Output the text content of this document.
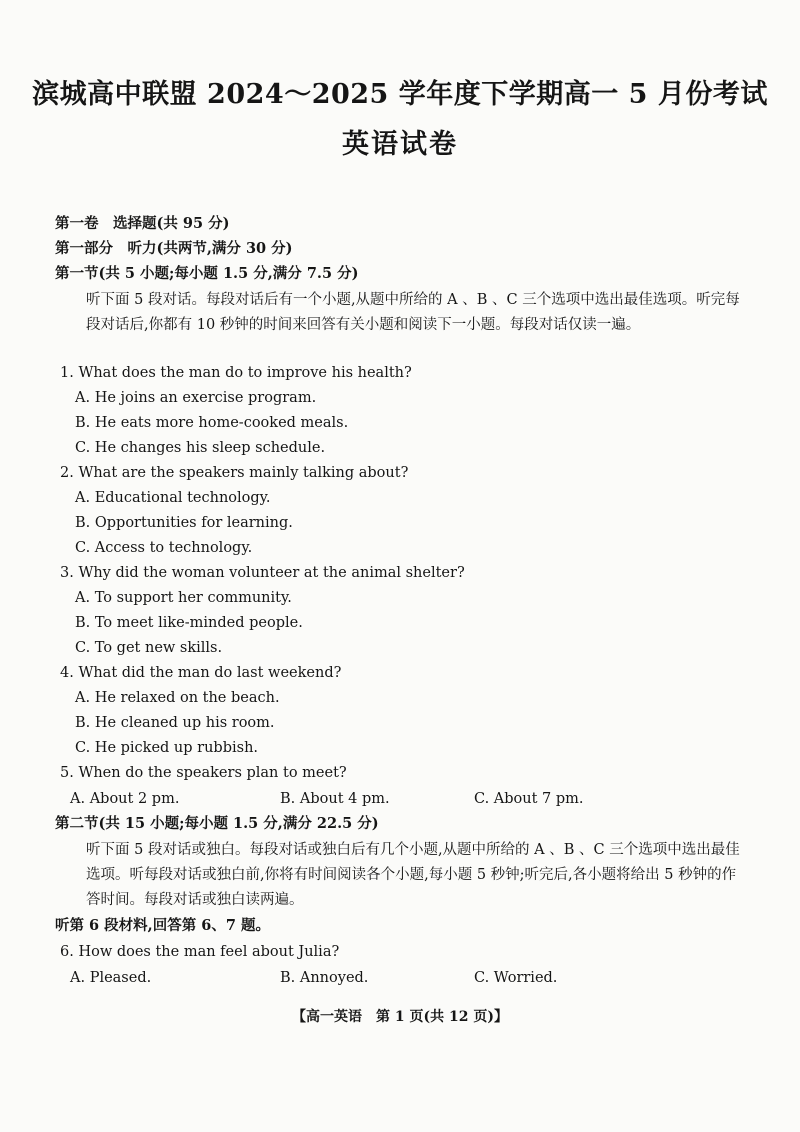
滨城高中联盟 2024～2025 学年度下学期高一 5 月份考试
英语试卷
第一卷　选择题(共 95 分)
第一部分　听力(共两节,满分 30 分)
第一节(共 5 小题;每小题 1.5 分,满分 7.5 分)
听下面 5 段对话。每段对话后有一个小题,从题中所给的 A 、B 、C 三个选项中选出最佳选项。听完每段对话后,你都有 10 秒钟的时间来回答有关小题和阅读下一小题。每段对话仅读一遍。
1. What does the man do to improve his health?
A. He joins an exercise program.
B. He eats more home-cooked meals.
C. He changes his sleep schedule.
2. What are the speakers mainly talking about?
A. Educational technology.
B. Opportunities for learning.
C. Access to technology.
3. Why did the woman volunteer at the animal shelter?
A. To support her community.
B. To meet like-minded people.
C. To get new skills.
4. What did the man do last weekend?
A. He relaxed on the beach.
B. He cleaned up his room.
C. He picked up rubbish.
5. When do the speakers plan to meet?
A. About 2 pm.	B. About 4 pm.	C. About 7 pm.
第二节(共 15 小题;每小题 1.5 分,满分 22.5 分)
听下面 5 段对话或独白。每段对话或独白后有几个小题,从题中所给的 A 、B 、C 三个选项中选出最佳选项。听每段对话或独白前,你将有时间阅读各个小题,每小题 5 秒钟;听完后,各小题将给出 5 秒钟的作答时间。每段对话或独白读两遍。
听第 6 段材料,回答第 6、7 题。
6. How does the man feel about Julia?
A. Pleased.	B. Annoyed.	C. Worried.
【高一英语　第 1 页(共 12 页)】
